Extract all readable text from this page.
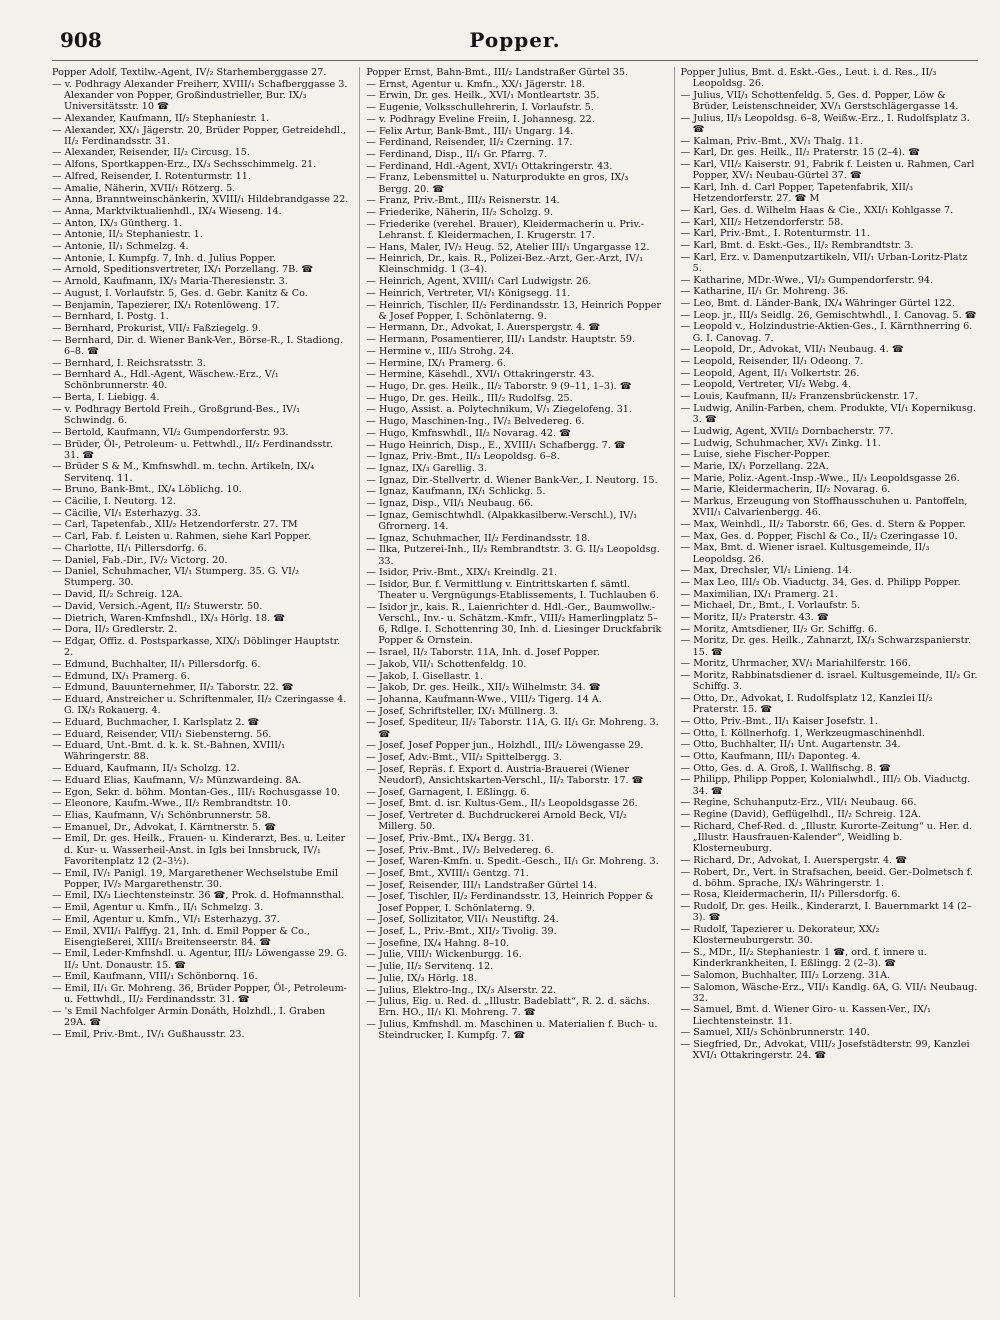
908	Popper.

Popper Adolf, Textilw.-Agent, IV/₂ Starhemberggasse 27.

— v. Podhragy Alexander Freiherr, XVIII/₁ Schafberggasse 3. Alexander von Popper, Großindustrieller, Bur. IX/₃ Universitätsstr. 10 ☎

— Alexander, Kaufmann, II/₂ Stephaniestr. 1.

— Alexander, XX/₁ Jägerstr. 20, Brüder Popper, Getreidehdl., II/₂ Ferdinandsstr. 31.

— Alexander, Reisender, II/₂ Circusg. 15.

— Alfons, Sportkappen-Erz., IX/₃ Sechsschimmelg. 21.

— Alfred, Reisender, I. Rotenturmstr. 11.

— Amalie, Näherin, XVII/₁ Rötzerg. 5.

— Anna, Branntweinschänkerin, XVIII/₁ Hildebrandgasse 22.

— Anna, Marktviktualienhdl., IX/₄ Wieseng. 14.

— Anton, IX/₃ Güntherg. 1.

— Antonie, II/₂ Stephaniestr. 1.

— Antonie, II/₁ Schmelzg. 4.

— Antonie, I. Kumpfg. 7, Inh. d. Julius Popper.

— Arnold, Speditionsvertreter, IX/₁ Porzellang. 7B. ☎

— Arnold, Kaufmann, IX/₃ Maria-Theresienstr. 3.

— August, I. Vorlaufstr. 5, Ges. d. Gebr. Kanitz & Co.

— Benjamin, Tapezierer, IX/₁ Rotenlöweng. 17.

— Bernhard, I. Postg. 1.

— Bernhard, Prokurist, VII/₂ Faßziegelg. 9.

— Bernhard, Dir. d. Wiener Bank-Ver., Börse-R., I. Stadiong. 6–8. ☎

— Bernhard, I. Reichsratsstr. 3.

— Bernhard A., Hdl.-Agent, Wäschew.-Erz., V/₁ Schönbrunnerstr. 40.

— Berta, I. Liebigg. 4.

— v. Podhragy Bertold Freih., Großgrund-Bes., IV/₁ Schwindg. 6.

— Bertold, Kaufmann, VI/₂ Gumpendorferstr. 93.

— Brüder, Öl-, Petroleum- u. Fettwhdl., II/₂ Ferdinandsstr. 31. ☎

— Brüder S & M., Kmfnswhdl. m. techn. Artikeln, IX/₄ Servitenq. 11.

— Bruno, Bank-Bmt., IX/₄ Löblichg. 10.

— Cäcilie, I. Neutorg. 12.

— Cäcilie, VI/₁ Esterhazyg. 33.

— Carl, Tapetenfab., XII/₂ Hetzendorferstr. 27. TM

— Carl, Fab. f. Leisten u. Rahmen, siehe Karl Popper.

— Charlotte, II/₁ Pillersdorfg. 6.

— Daniel, Fab.-Dir., IV/₂ Victorg. 20.

— Daniel, Schuhmacher, VI/₁ Stumperg. 35. G. VI/₂ Stumperg. 30.

— David, II/₂ Schreig. 12A.

— David, Versich.-Agent, II/₂ Stuwerstr. 50.

— Dietrich, Waren-Kmfnshdl., IX/₃ Hörlg. 18. ☎

— Dora, II/₂ Gredlerstr. 2.

— Edgar, Offiz. d. Postsparkasse, XIX/₁ Döblinger Hauptstr. 2.

— Edmund, Buchhalter, II/₁ Pillersdorfg. 6.

— Edmund, IX/₁ Pramerg. 6.

— Edmund, Bauunternehmer, II/₂ Taborstr. 22. ☎

— Eduard, Anstreicher u. Schriftenmaler, II/₂ Czeringasse 4. G. IX/₃ Rokauerg. 4.

— Eduard, Buchmacher, I. Karlsplatz 2. ☎

— Eduard, Reisender, VII/₁ Siebensterng. 56.

— Eduard, Unt.-Bmt. d. k. k. St.-Bahnen, XVIII/₁ Währingerstr. 88.

— Eduard, Kaufmann, II/₃ Scholzg. 12.

— Eduard Elias, Kaufmann, V/₂ Münzwardeing. 8A.

— Egon, Sekr. d. böhm. Montan-Ges., III/₁ Rochusgasse 10.

— Eleonore, Kaufm.-Wwe., II/₂ Rembrandtstr. 10.

— Elias, Kaufmann, V/₁ Schönbrunnerstr. 58.

— Emanuel, Dr., Advokat, I. Kärntnerstr. 5. ☎

— Emil, Dr. ges. Heilk., Frauen- u. Kinderarzt, Bes. u. Leiter d. Kur- u. Wasserheil-Anst. in Igls bei Innsbruck, IV/₁ Favoritenplatz 12 (2–3½).

— Emil, IV/₁ Panigl. 19, Margarethener Wechselstube Emil Popper, IV/₂ Margarethenstr. 30.

— Emil, IX/₃ Liechtensteinstr. 36 ☎, Prok. d. Hofmannsthal.

— Emil, Agentur u. Kmfn., II/₁ Schmelzg. 3.

— Emil, Agentur u. Kmfn., VI/₁ Esterhazyg. 37.

— Emil, XVII/₁ Palffyg. 21, Inh. d. Emil Popper & Co., Eisengießerei, XIII/₃ Breitenseerstr. 84. ☎

— Emil, Leder-Kmfnshdl. u. Agentur, III/₂ Löwengasse 29. G. II/₂ Unt. Donaustr. 15. ☎

— Emil, Kaufmann, VIII/₁ Schönbornq. 16.

— Emil, II/₁ Gr. Mohreng. 36, Brüder Popper, Öl-, Petroleum- u. Fettwhdl., II/₂ Ferdinandsstr. 31. ☎

— 's Emil Nachfolger Armin Donáth, Holzhdl., I. Graben 29A. ☎

— Emil, Priv.-Bmt., IV/₁ Gußhausstr. 23.

Popper Ernst, Bahn-Bmt., III/₂ Landstraßer Gürtel 35.

— Ernst, Agentur u. Kmfn., XX/₁ Jägerstr. 18.

— Erwin, Dr. ges. Heilk., XVI/₁ Montleartstr. 35.

— Eugenie, Volksschullehrerin, I. Vorlaufstr. 5.

— v. Podhragy Eveline Freiin, I. Johannesg. 22.

— Felix Artur, Bank-Bmt., III/₁ Ungarg. 14.

— Ferdinand, Reisender, II/₂ Czerning. 17.

— Ferdinand, Disp., II/₁ Gr. Pfarrg. 7.

— Ferdinand, Hdl.-Agent, XVI/₁ Ottakringerstr. 43.

— Franz, Lebensmittel u. Naturprodukte en gros, IX/₃ Bergg. 20. ☎

— Franz, Priv.-Bmt., III/₃ Reisnerstr. 14.

— Friederike, Näherin, II/₂ Scholzg. 9.

— Friederike (verehel. Brauer), Kleidermacherin u. Priv.-Lehranst. f. Kleidermachen, I. Krugerstr. 17.

— Hans, Maler, IV/₂ Heug. 52, Atelier III/₁ Ungargasse 12.

— Heinrich, Dr., kais. R., Polizei-Bez.-Arzt, Ger.-Arzt, IV/₁ Kleinschmidg. 1 (3–4).

— Heinrich, Agent, XVIII/₁ Carl Ludwigstr. 26.

— Heinrich, Vertreter, VI/₁ Königsegg. 11.

— Heinrich, Tischler, II/₂ Ferdinandsstr. 13, Heinrich Popper & Josef Popper, I. Schönlaterng. 9.

— Hermann, Dr., Advokat, I. Auerspergstr. 4. ☎

— Hermann, Posamentierer, III/₁ Landstr. Hauptstr. 59.

— Hermine v., III/₃ Strohg. 24.

— Hermine, IX/₁ Pramerg. 6.

— Hermine, Käsehdl., XVI/₁ Ottakringerstr. 43.

— Hugo, Dr. ges. Heilk., II/₂ Taborstr. 9 (9–11, 1–3). ☎

— Hugo, Dr. ges. Heilk., III/₂ Rudolfsg. 25.

— Hugo, Assist. a. Polytechnikum, V/₁ Ziegelofeng. 31.

— Hugo, Maschinen-Ing., IV/₂ Belvedereg. 6.

— Hugo, Kmfnswhdl., II/₂ Novarag. 42. ☎

— Hugo Heinrich, Disp., E., XVIII/₁ Schafbergg. 7. ☎

— Ignaz, Priv.-Bmt., II/₃ Leopoldsg. 6–8.

— Ignaz, IX/₃ Garellig. 3.

— Ignaz, Dir.-Stellvertr. d. Wiener Bank-Ver., I. Neutorg. 15.

— Ignaz, Kaufmann, IX/₁ Schlickg. 5.

— Ignaz, Disp., VII/₁ Neubaug. 66.

— Ignaz, Gemischtwhdl. (Alpakkasilberw.-Verschl.), IV/₁ Gfrornerg. 14.

— Ignaz, Schuhmacher, II/₂ Ferdinandsstr. 18.

— Ilka, Putzerei-Inh., II/₂ Rembrandtstr. 3. G. II/₃ Leopoldsg. 33.

— Isidor, Priv.-Bmt., XIX/₁ Kreindlg. 21.

— Isidor, Bur. f. Vermittlung v. Eintrittskarten f. sämtl. Theater u. Vergnügungs-Etablissements, I. Tuchlauben 6.

— Isidor jr., kais. R., Laienrichter d. Hdl.-Ger., Baumwollw.-Verschl., Inv.- u. Schätzm.-Kmfr., VIII/₂ Hamerlingplatz 5–6, Rdlge. I. Schottenring 30, Inh. d. Liesinger Druckfabrik Popper & Ornstein.

— Israel, II/₂ Taborstr. 11A, Inh. d. Josef Popper.

— Jakob, VII/₁ Schottenfeldg. 10.

— Jakob, I. Gisellastr. 1.

— Jakob, Dr. ges. Heilk., XII/₂ Wilhelmstr. 34. ☎

— Johanna, Kaufmann-Wwe., VIII/₂ Tigerg. 14 A.

— Josef, Schriftsteller, IX/₁ Müllnerg. 3.

— Josef, Spediteur, II/₂ Taborstr. 11A, G. II/₁ Gr. Mohreng. 3. ☎

— Josef, Josef Popper jun., Holzhdl., III/₂ Löwengasse 29.

— Josef, Adv.-Bmt., VII/₂ Spittelbergg. 3.

— Josef, Repräs. f. Export d. Austria-Brauerei (Wiener Neudorf), Ansichtskarten-Verschl., II/₂ Taborstr. 17. ☎

— Josef, Garnagent, I. Eßlingg. 6.

— Josef, Bmt. d. isr. Kultus-Gem., II/₃ Leopoldsgasse 26.

— Josef, Vertreter d. Buchdruckerei Arnold Beck, VI/₂ Millerg. 50.

— Josef, Priv.-Bmt., IX/₄ Bergg. 31.

— Josef, Priv.-Bmt., IV/₂ Belvedereg. 6.

— Josef, Waren-Kmfn. u. Spedit.-Gesch., II/₁ Gr. Mohreng. 3.

— Josef, Bmt., XVIII/₁ Gentzg. 71.

— Josef, Reisender, III/₁ Landstraßer Gürtel 14.

— Josef, Tischler, II/₂ Ferdinandsstr. 13, Heinrich Popper & Josef Popper, I. Schönlaterng. 9.

— Josef, Sollizitator, VII/₁ Neustiftg. 24.

— Josef, L., Priv.-Bmt., XII/₂ Tivolig. 39.

— Josefine, IX/₄ Hahng. 8–10.

— Julie, VIII/₁ Wickenburgg. 16.

— Julie, II/₂ Servitenq. 12.

— Julie, IX/₃ Hörlg. 18.

— Julius, Elektro-Ing., IX/₃ Alserstr. 22.

— Julius, Eig. u. Red. d. „Illustr. Badeblatt“, R. 2. d. sächs. Ern. HO., II/₁ Kl. Mohreng. 7. ☎

— Julius, Kmfnshdl. m. Maschinen u. Materialien f. Buch- u. Steindrucker, I. Kumpfg. 7. ☎

Popper Julius, Bmt. d. Eskt.-Ges., Leut. i. d. Res., II/₃ Leopoldsg. 26.

— Julius, VII/₁ Schottenfeldg. 5, Ges. d. Popper, Löw & Brüder, Leistenschneider, XV/₁ Gerstschlägergasse 14.

— Julius, II/₃ Leopoldsg. 6–8, Weißw.-Erz., I. Rudolfsplatz 3. ☎

— Kalman, Priv.-Bmt., XV/₁ Thalg. 11.

— Karl, Dr. ges. Heilk., II/₂ Praterstr. 15 (2–4). ☎

— Karl, VII/₂ Kaiserstr. 91, Fabrik f. Leisten u. Rahmen, Carl Popper, XV/₁ Neubau-Gürtel 37. ☎

— Karl, Inh. d. Carl Popper, Tapetenfabrik, XII/₃ Hetzendorferstr. 27. ☎ M

— Karl, Ges. d. Wilhelm Haas & Cie., XXI/₁ Kohlgasse 7.

— Karl, XII/₂ Hetzendorferstr. 58.

— Karl, Priv.-Bmt., I. Rotenturmstr. 11.

— Karl, Bmt. d. Eskt.-Ges., II/₂ Rembrandtstr. 3.

— Karl, Erz. v. Damenputzartikeln, VII/₁ Urban-Loritz-Platz 5.

— Katharine, MDr.-Wwe., VI/₂ Gumpendorferstr. 94.

— Katharine, II/₁ Gr. Mohreng. 36.

— Leo, Bmt. d. Länder-Bank, IX/₄ Währinger Gürtel 122.

— Leop. jr., III/₃ Seidlg. 26, Gemischtwhdl., I. Canovag. 5. ☎

— Leopold v., Holzindustrie-Aktien-Ges., I. Kärnthnerring 6. G. I. Canovag. 7.

— Leopold, Dr., Advokat, VII/₁ Neubaug. 4. ☎

— Leopold, Reisender, II/₁ Odeong. 7.

— Leopold, Agent, II/₁ Volkertstr. 26.

— Leopold, Vertreter, VI/₂ Webg. 4.

— Louis, Kaufmann, II/₂ Franzensbrückenstr. 17.

— Ludwig, Anilin-Farben, chem. Produkte, VI/₁ Kopernikusg. 3. ☎

— Ludwig, Agent, XVII/₂ Dornbacherstr. 77.

— Ludwig, Schuhmacher, XV/₁ Zinkg. 11.

— Luise, siehe Fischer-Popper.

— Marie, IX/₁ Porzellang. 22A.

— Marie, Poliz.-Agent.-Insp.-Wwe., II/₃ Leopoldsgasse 26.

— Marie, Kleidermacherin, II/₂ Novarag. 6.

— Markus, Erzeugung von Stoffhausschuhen u. Pantoffeln, XVII/₁ Calvarienbergg. 46.

— Max, Weinhdl., II/₂ Taborstr. 66, Ges. d. Stern & Popper.

— Max, Ges. d. Popper, Fischl & Co., II/₂ Czeringasse 10.

— Max, Bmt. d. Wiener israel. Kultusgemeinde, II/₃ Leopoldsg. 26.

— Max, Drechsler, VI/₁ Linieng. 14.

— Max Leo, III/₂ Ob. Viaductg. 34, Ges. d. Philipp Popper.

— Maximilian, IX/₁ Pramerg. 21.

— Michael, Dr., Bmt., I. Vorlaufstr. 5.

— Moritz, II/₂ Praterstr. 43. ☎

— Moritz, Amtsdiener, II/₂ Gr. Schiffg. 6.

— Moritz, Dr. ges. Heilk., Zahnarzt, IX/₃ Schwarzspanierstr. 15. ☎

— Moritz, Uhrmacher, XV/₁ Mariahilferstr. 166.

— Moritz, Rabbinatsdiener d. israel. Kultusgemeinde, II/₂ Gr. Schiffg. 3.

— Otto, Dr., Advokat, I. Rudolfsplatz 12, Kanzlei II/₂ Praterstr. 15. ☎

— Otto, Priv.-Bmt., II/₁ Kaiser Josefstr. 1.

— Otto, I. Köllnerhofg. 1, Werkzeugmaschinenhdl.

— Otto, Buchhalter, II/₁ Unt. Augartenstr. 34.

— Otto, Kaufmann, III/₁ Daponteg. 4.

— Otto, Ges. d. A. Groß, I. Wallfischg. 8. ☎

— Philipp, Philipp Popper, Kolonialwhdl., III/₂ Ob. Viaductg. 34. ☎

— Regine, Schuhanputz-Erz., VII/₁ Neubaug. 66.

— Regine (David), Geflügelhdl., II/₂ Schreig. 12A.

— Richard, Chef-Red. d. „Illustr. Kurorte-Zeitung“ u. Her. d. „Illustr. Hausfrauen-Kalender“, Weidling b. Klosterneuburg.

— Richard, Dr., Advokat, I. Auerspergstr. 4. ☎

— Robert, Dr., Vert. in Strafsachen, beeid. Ger.-Dolmetsch f. d. böhm. Sprache, IX/₃ Währingerstr. 1.

— Rosa, Kleidermacherin, II/₁ Pillersdorfg. 6.

— Rudolf, Dr. ges. Heilk., Kinderarzt, I. Bauernmarkt 14 (2–3). ☎

— Rudolf, Tapezierer u. Dekorateur, XX/₂ Klosterneuburgerstr. 30.

— S., MDr., II/₂ Stephaniestr. 1 ☎, ord. f. innere u. Kinderkrankheiten, I. Eßlingg. 2 (2–3). ☎

— Salomon, Buchhalter, III/₂ Lorzeng. 31A.

— Salomon, Wäsche-Erz., VII/₁ Kandlg. 6A, G. VII/₁ Neubaug. 32.

— Samuel, Bmt. d. Wiener Giro- u. Kassen-Ver., IX/₁ Liechtensteinstr. 11.

— Samuel, XII/₃ Schönbrunnerstr. 140.

— Siegfried, Dr., Advokat, VIII/₂ Josefstädterstr. 99, Kanzlei XVI/₁ Ottakringerstr. 24. ☎
